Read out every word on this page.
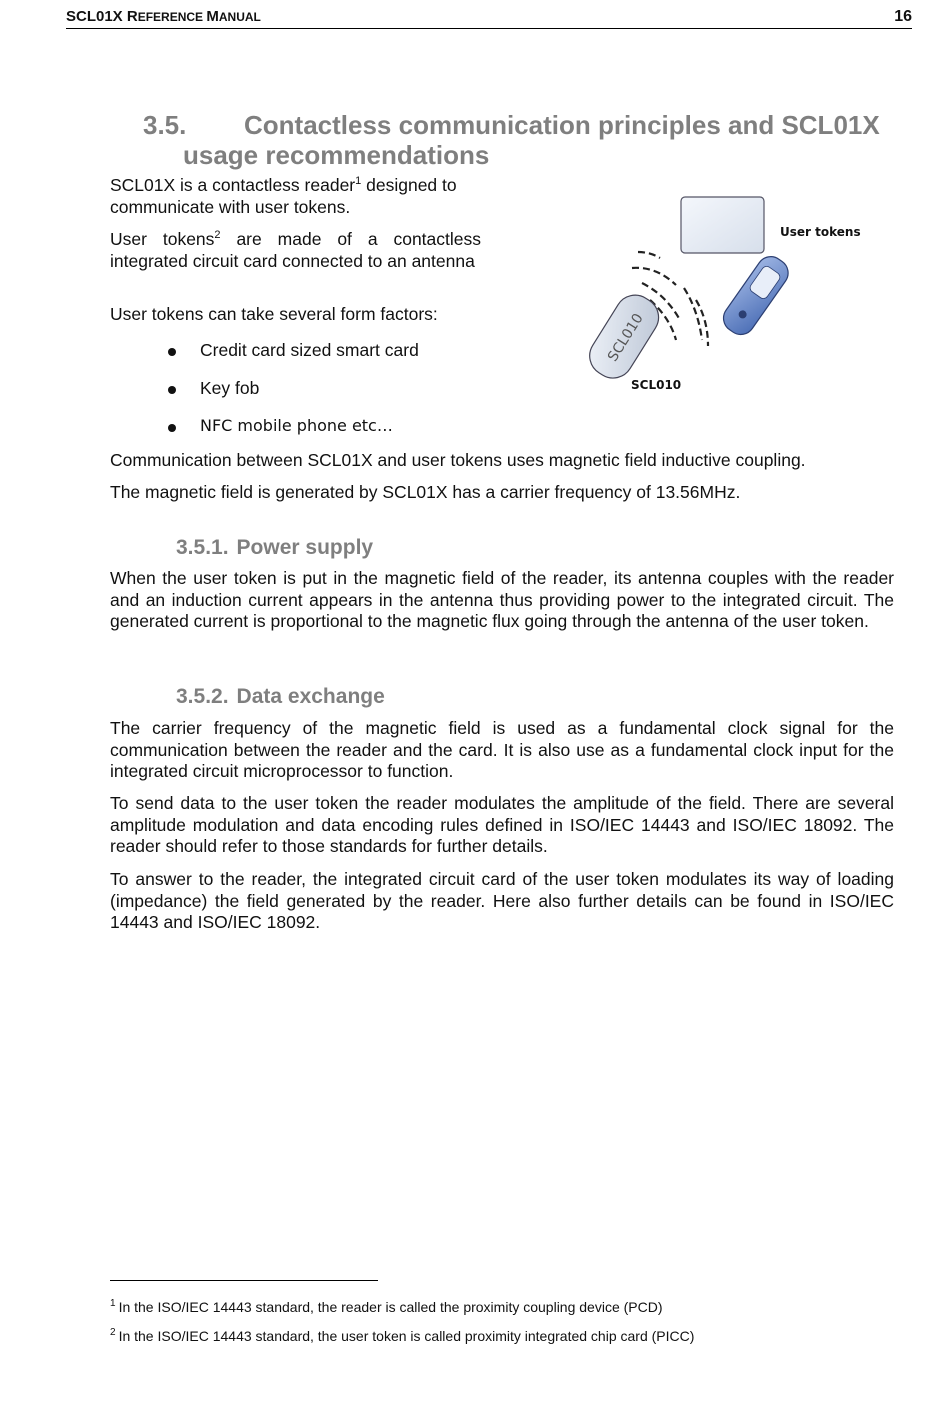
SCL01X REFERENCE MANUAL	16
3.5. Contactless communication principles and SCL01X
usage recommendations

SCL01X is a contactless reader$^1$ designed to communicate with user tokens.

User tokens$^2$ are made of a contactless integrated circuit card connected to an antenna

User tokens can take several form factors:

Credit card sized smart card
Key fob
NFC mobile phone etc…
SCL010
User tokens
SCL010

Communication between SCL01X and user tokens uses magnetic field inductive coupling.

The magnetic field is generated by SCL01X has a carrier frequency of 13.56MHz.

3.5.1. Power supply

When the user token is put in the magnetic field of the reader, its antenna couples with the reader and an induction current appears in the antenna thus providing power to the integrated circuit. The generated current is proportional to the magnetic flux going through the antenna of the user token.

3.5.2. Data exchange

The carrier frequency of the magnetic field is used as a fundamental clock signal for the communication between the reader and the card. It is also use as a fundamental clock input for the integrated circuit microprocessor to function.

To send data to the user token the reader modulates the amplitude of the field. There are several amplitude modulation and data encoding rules defined in ISO/IEC 14443 and ISO/IEC 18092. The reader should refer to those standards for further details.

To answer to the reader, the integrated circuit card of the user token modulates its way of loading (impedance) the field generated by the reader. Here also further details can be found in ISO/IEC 14443 and ISO/IEC 18092.

$^1$ In the ISO/IEC 14443 standard, the reader is called the proximity coupling device (PCD)
$^2$ In the ISO/IEC 14443 standard, the user token is called proximity integrated chip card (PICC)
